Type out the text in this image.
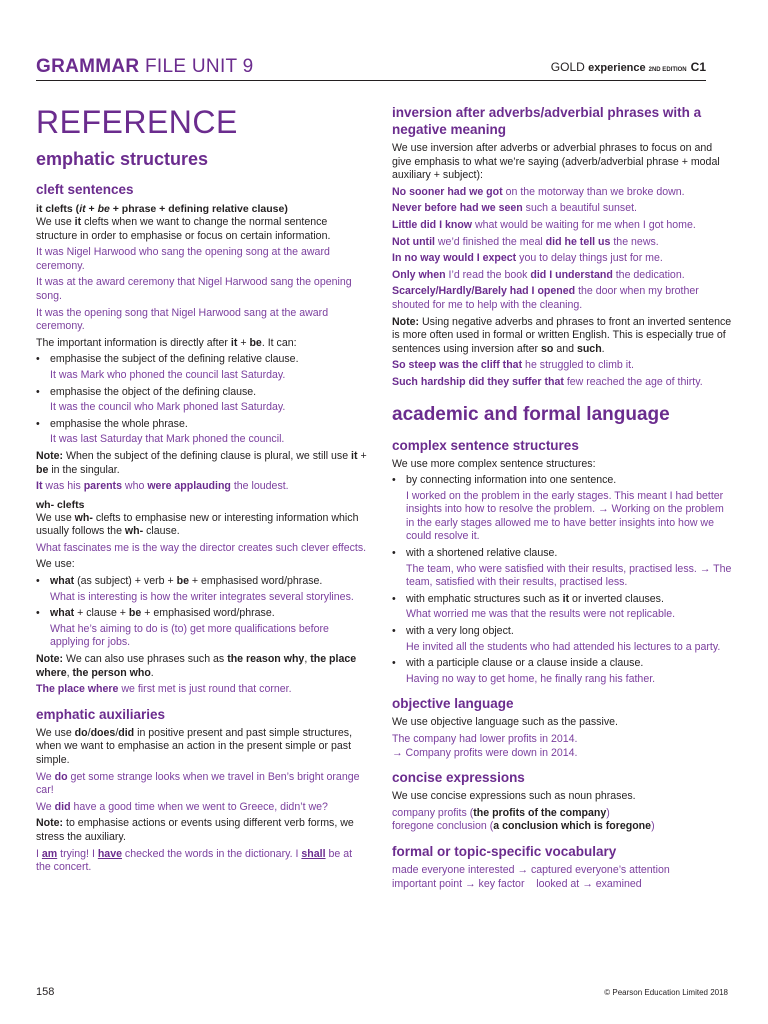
GRAMMAR FILE UNIT 9	GOLD experience 2ND EDITION C1
REFERENCE
emphatic structures
cleft sentences
it clefts (it + be + phrase + defining relative clause)

We use it clefts when we want to change the normal sentence structure in order to emphasise or focus on certain information.

It was Nigel Harwood who sang the opening song at the award ceremony.

It was at the award ceremony that Nigel Harwood sang the opening song.

It was the opening song that Nigel Harwood sang at the award ceremony.

The important information is directly after it + be. It can:

• emphasise the subject of the defining relative clause.

It was Mark who phoned the council last Saturday.

• emphasise the object of the defining clause.

It was the council who Mark phoned last Saturday.

• emphasise the whole phrase.

It was last Saturday that Mark phoned the council.

Note: When the subject of the defining clause is plural, we still use it + be in the singular.

It was his parents who were applauding the loudest.

wh- clefts

We use wh- clefts to emphasise new or interesting information which usually follows the wh- clause.

What fascinates me is the way the director creates such clever effects.

We use:

• what (as subject) + verb + be + emphasised word/phrase.

What is interesting is how the writer integrates several storylines.

• what + clause + be + emphasised word/phrase.

What he’s aiming to do is (to) get more qualifications before applying for jobs.

Note: We can also use phrases such as the reason why, the place where, the person who.

The place where we first met is just round that corner.

emphatic auxiliaries

We use do/does/did in positive present and past simple structures, when we want to emphasise an action in the present simple or past simple.

We do get some strange looks when we travel in Ben’s bright orange car!

We did have a good time when we went to Greece, didn’t we?

Note: to emphasise actions or events using different verb forms, we stress the auxiliary.

I am trying! I have checked the words in the dictionary. I shall be at the concert.

inversion after adverbs/adverbial phrases with a negative meaning

We use inversion after adverbs or adverbial phrases to focus on and give emphasis to what we’re saying (adverb/adverbial phrase + modal auxiliary + subject):

No sooner had we got on the motorway than we broke down.

Never before had we seen such a beautiful sunset.

Little did I know what would be waiting for me when I got home.

Not until we’d finished the meal did he tell us the news.

In no way would I expect you to delay things just for me.

Only when I’d read the book did I understand the dedication.

Scarcely/Hardly/Barely had I opened the door when my brother shouted for me to help with the cleaning.

Note: Using negative adverbs and phrases to front an inverted sentence is more often used in formal or written English. This is especially true of sentences using inversion after so and such.

So steep was the cliff that he struggled to climb it.

Such hardship did they suffer that few reached the age of thirty.

academic and formal language
complex sentence structures

We use more complex sentence structures:

• by connecting information into one sentence.

I worked on the problem in the early stages. This meant I had better insights into how to resolve the problem. → Working on the problem in the early stages allowed me to have better insights into how we could resolve it.

• with a shortened relative clause.

The team, who were satisfied with their results, practised less. → The team, satisfied with their results, practised less.

• with emphatic structures such as it or inverted clauses.

What worried me was that the results were not replicable.

• with a very long object.

He invited all the students who had attended his lectures to a party.

• with a participle clause or a clause inside a clause.

Having no way to get home, he finally rang his father.

objective language

We use objective language such as the passive.

The company had lower profits in 2014.

→ Company profits were down in 2014.

concise expressions

We use concise expressions such as noun phrases.

company profits (the profits of the company)

foregone conclusion (a conclusion which is foregone)

formal or topic-specific vocabulary

made everyone interested → captured everyone’s attention

important point → key factor    looked at → examined

158	© Pearson Education Limited 2018
